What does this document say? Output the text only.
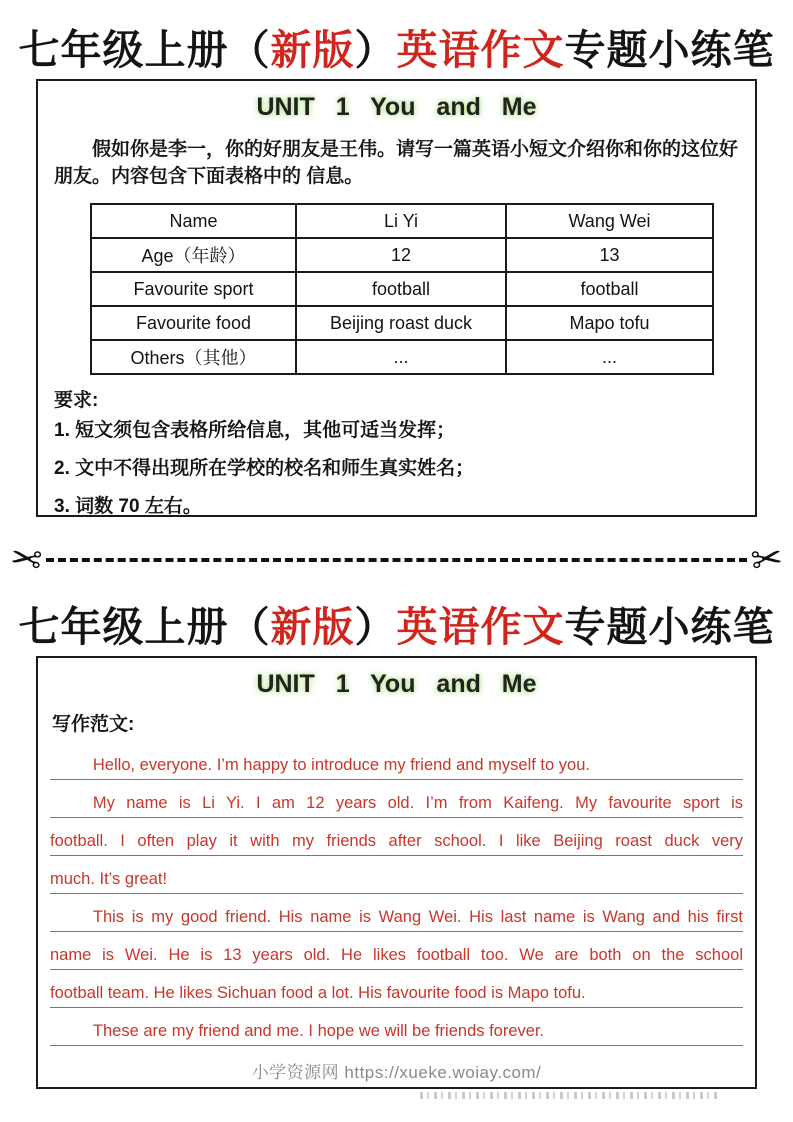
七年级上册（新版）英语作文专题小练笔
UNIT 1 You and Me
假如你是李一，你的好朋友是王伟。请写一篇英语小短文介绍你和你的这位好朋友。内容包含下面表格中的 信息。
Name	Li Yi	Wang Wei
Age（年龄）	12	13
Favourite sport	football	football
Favourite food	Beijing roast duck	Mapo tofu
Others（其他）	...	...
要求:
1. 短文须包含表格所给信息，其他可适当发挥；
2. 文中不得出现所在学校的校名和师生真实姓名；
3. 词数 70 左右。
✂	✂
七年级上册（新版）英语作文专题小练笔
UNIT 1 You and Me
写作范文:
Hello, everyone. I’m happy to introduce my friend and myself to you.
My name is Li Yi. I am 12 years old. I’m from Kaifeng. My favourite sport is
football. I often play it with my friends after school. I like Beijing roast duck very
much. It’s great!
This is my good friend. His name is Wang Wei. His last name is Wang and his first
name is Wei. He is 13 years old. He likes football too. We are both on the school
football team. He likes Sichuan food a lot. His favourite food is Mapo tofu.
These are my friend and me. I hope we will be friends forever.
小学资源网 https://xueke.woiay.com/
